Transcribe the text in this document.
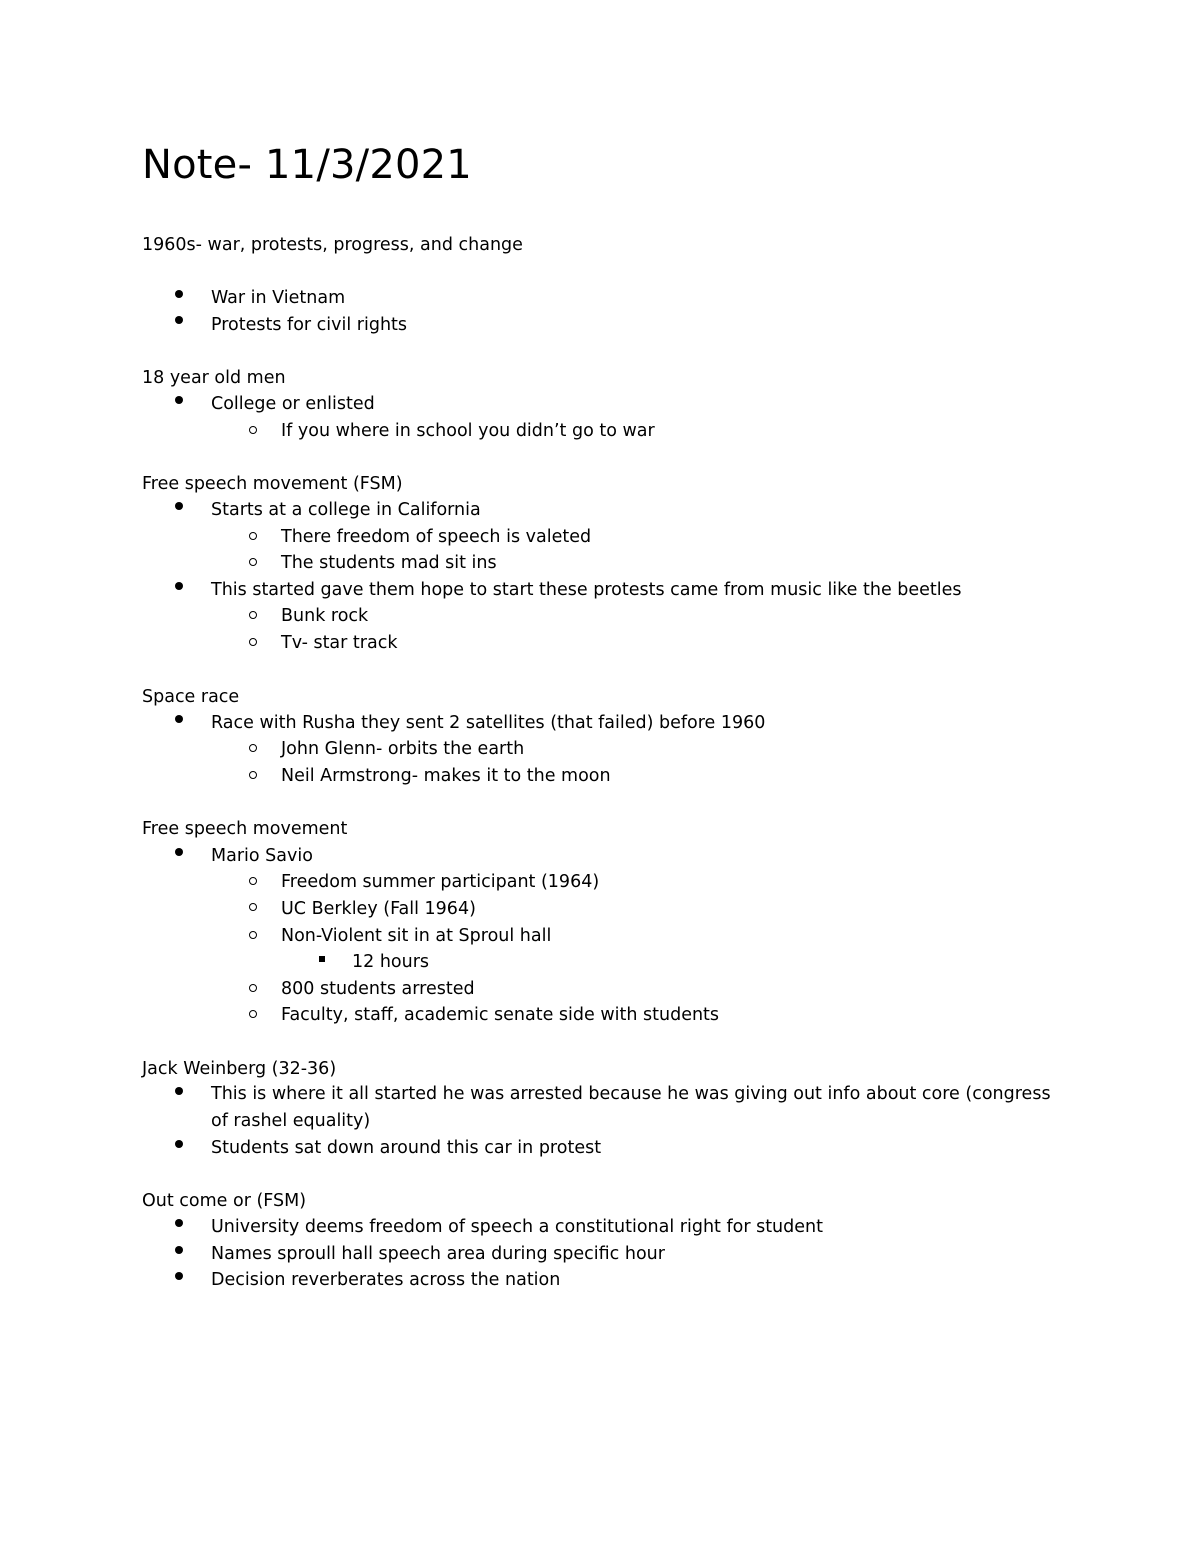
Note- 11/3/2021
1960s- war, protests, progress, and change
War in Vietnam
Protests for civil rights
18 year old men
College or enlisted
If you where in school you didn’t go to war
Free speech movement (FSM)
Starts at a college in California
There freedom of speech is valeted
The students mad sit ins
This started gave them hope to start these protests came from music like the beetles
Bunk rock
Tv- star track
Space race
Race with Rusha they sent 2 satellites (that failed) before 1960
John Glenn- orbits the earth
Neil Armstrong- makes it to the moon
Free speech movement
Mario Savio
Freedom summer participant (1964)
UC Berkley (Fall 1964)
Non-Violent sit in at Sproul hall
12 hours
800 students arrested
Faculty, staff, academic senate side with students
Jack Weinberg (32-36)
This is where it all started he was arrested because he was giving out info about core (congress of rashel equality)
Students sat down around this car in protest
Out come or (FSM)
University deems freedom of speech a constitutional right for student
Names sproull hall speech area during specific hour
Decision reverberates across the nation
